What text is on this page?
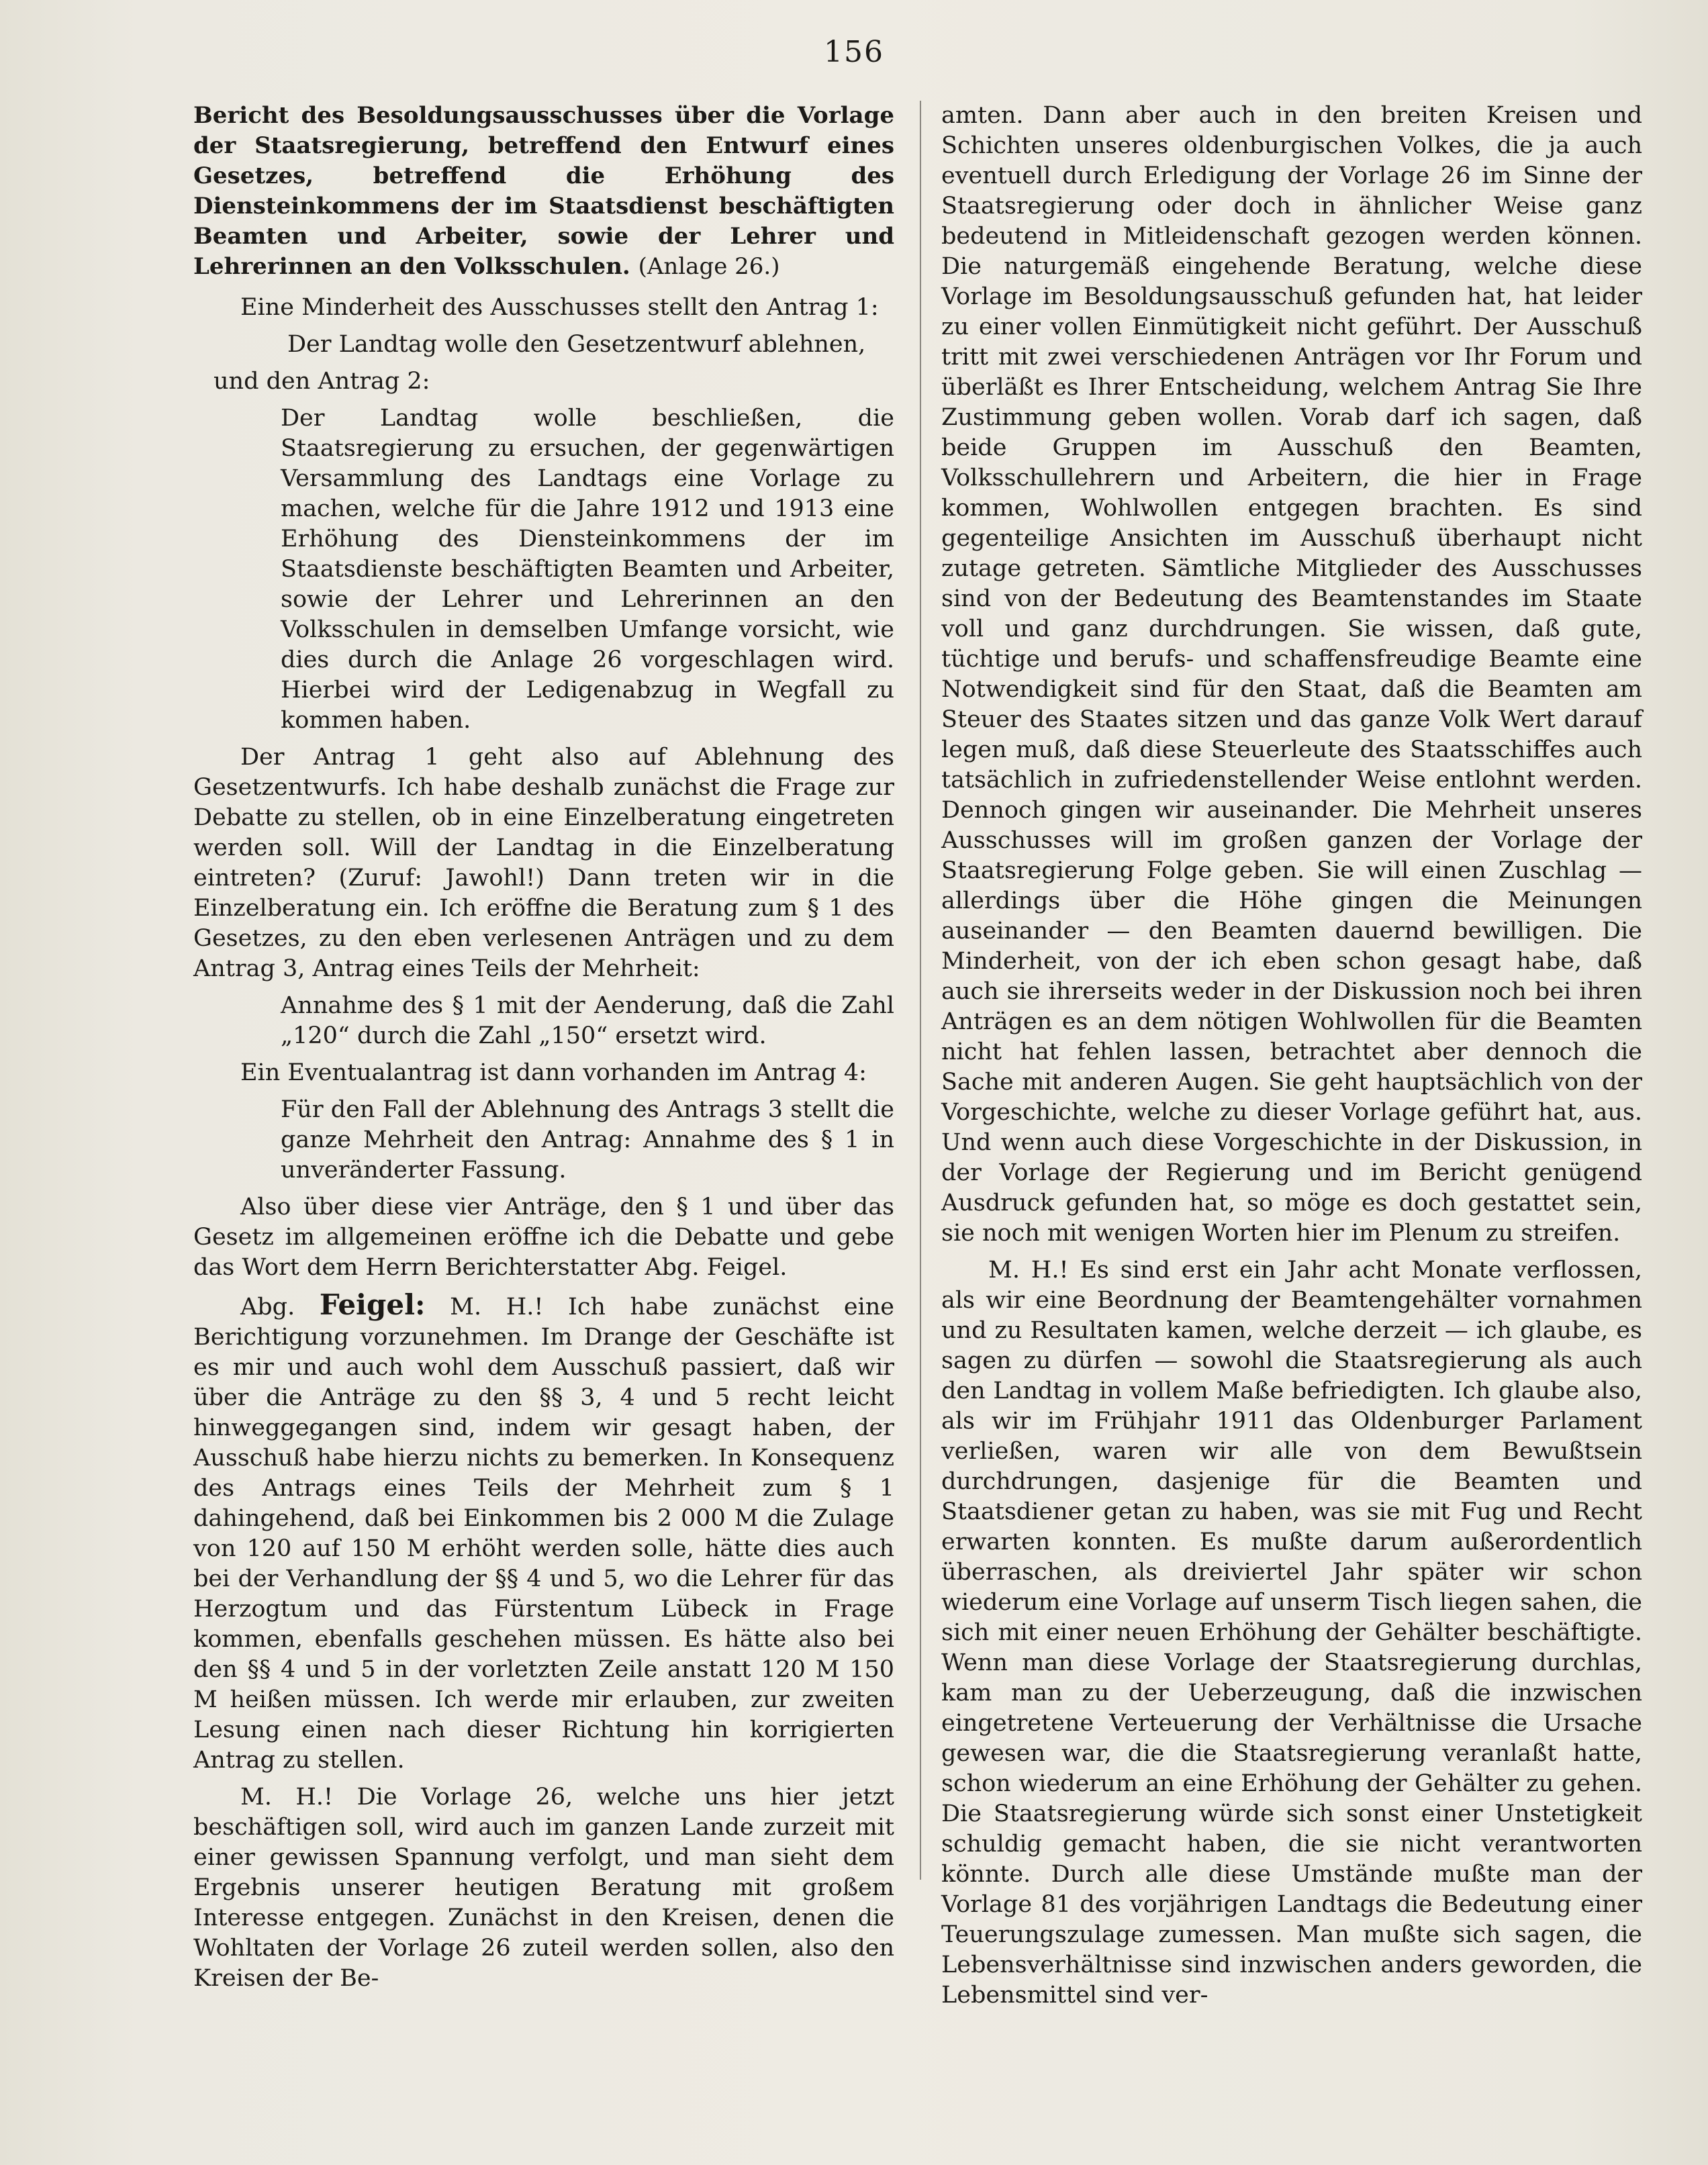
156

Bericht des Besoldungsausschusses über die Vorlage der Staatsregierung, betreffend den Entwurf eines Gesetzes, betreffend die Erhöhung des Diensteinkommens der im Staatsdienst beschäftigten Beamten und Arbeiter, sowie der Lehrer und Lehrerinnen an den Volksschulen. (Anlage 26.)

Eine Minderheit des Ausschusses stellt den Antrag 1:

Der Landtag wolle den Gesetzentwurf ablehnen,

und den Antrag 2:

Der Landtag wolle beschließen, die Staatsregierung zu ersuchen, der gegenwärtigen Versammlung des Landtags eine Vorlage zu machen, welche für die Jahre 1912 und 1913 eine Erhöhung des Diensteinkommens der im Staatsdienste beschäftigten Beamten und Arbeiter, sowie der Lehrer und Lehrerinnen an den Volksschulen in demselben Umfange vorsicht, wie dies durch die Anlage 26 vorgeschlagen wird. Hierbei wird der Ledigenabzug in Wegfall zu kommen haben.

Der Antrag 1 geht also auf Ablehnung des Gesetzentwurfs. Ich habe deshalb zunächst die Frage zur Debatte zu stellen, ob in eine Einzelberatung eingetreten werden soll. Will der Landtag in die Einzelberatung eintreten? (Zuruf: Jawohl!) Dann treten wir in die Einzelberatung ein. Ich eröffne die Beratung zum § 1 des Gesetzes, zu den eben verlesenen Anträgen und zu dem Antrag 3, Antrag eines Teils der Mehrheit:

Annahme des § 1 mit der Aenderung, daß die Zahl „120“ durch die Zahl „150“ ersetzt wird.

Ein Eventualantrag ist dann vorhanden im Antrag 4:

Für den Fall der Ablehnung des Antrags 3 stellt die ganze Mehrheit den Antrag: Annahme des § 1 in unveränderter Fassung.

Also über diese vier Anträge, den § 1 und über das Gesetz im allgemeinen eröffne ich die Debatte und gebe das Wort dem Herrn Berichterstatter Abg. Feigel.

Abg. Feigel: M. H.! Ich habe zunächst eine Berichtigung vorzunehmen. Im Drange der Geschäfte ist es mir und auch wohl dem Ausschuß passiert, daß wir über die Anträge zu den §§ 3, 4 und 5 recht leicht hinweggegangen sind, indem wir gesagt haben, der Ausschuß habe hierzu nichts zu bemerken. In Konsequenz des Antrags eines Teils der Mehrheit zum § 1 dahingehend, daß bei Einkommen bis 2 000 M die Zulage von 120 auf 150 M erhöht werden solle, hätte dies auch bei der Verhandlung der §§ 4 und 5, wo die Lehrer für das Herzogtum und das Fürstentum Lübeck in Frage kommen, ebenfalls geschehen müssen. Es hätte also bei den §§ 4 und 5 in der vorletzten Zeile anstatt 120 M 150 M heißen müssen. Ich werde mir erlauben, zur zweiten Lesung einen nach dieser Richtung hin korrigierten Antrag zu stellen.

M. H.! Die Vorlage 26, welche uns hier jetzt beschäftigen soll, wird auch im ganzen Lande zurzeit mit einer gewissen Spannung verfolgt, und man sieht dem Ergebnis unserer heutigen Beratung mit großem Interesse entgegen. Zunächst in den Kreisen, denen die Wohltaten der Vorlage 26 zuteil werden sollen, also den Kreisen der Be-

amten. Dann aber auch in den breiten Kreisen und Schichten unseres oldenburgischen Volkes, die ja auch eventuell durch Erledigung der Vorlage 26 im Sinne der Staatsregierung oder doch in ähnlicher Weise ganz bedeutend in Mitleidenschaft gezogen werden können. Die naturgemäß eingehende Beratung, welche diese Vorlage im Besoldungsausschuß gefunden hat, hat leider zu einer vollen Einmütigkeit nicht geführt. Der Ausschuß tritt mit zwei verschiedenen Anträgen vor Ihr Forum und überläßt es Ihrer Entscheidung, welchem Antrag Sie Ihre Zustimmung geben wollen. Vorab darf ich sagen, daß beide Gruppen im Ausschuß den Beamten, Volksschullehrern und Arbeitern, die hier in Frage kommen, Wohlwollen entgegen brachten. Es sind gegenteilige Ansichten im Ausschuß überhaupt nicht zutage getreten. Sämtliche Mitglieder des Ausschusses sind von der Bedeutung des Beamtenstandes im Staate voll und ganz durchdrungen. Sie wissen, daß gute, tüchtige und berufs- und schaffensfreudige Beamte eine Notwendigkeit sind für den Staat, daß die Beamten am Steuer des Staates sitzen und das ganze Volk Wert darauf legen muß, daß diese Steuerleute des Staatsschiffes auch tatsächlich in zufriedenstellender Weise entlohnt werden. Dennoch gingen wir auseinander. Die Mehrheit unseres Ausschusses will im großen ganzen der Vorlage der Staatsregierung Folge geben. Sie will einen Zuschlag — allerdings über die Höhe gingen die Meinungen auseinander — den Beamten dauernd bewilligen. Die Minderheit, von der ich eben schon gesagt habe, daß auch sie ihrerseits weder in der Diskussion noch bei ihren Anträgen es an dem nötigen Wohlwollen für die Beamten nicht hat fehlen lassen, betrachtet aber dennoch die Sache mit anderen Augen. Sie geht hauptsächlich von der Vorgeschichte, welche zu dieser Vorlage geführt hat, aus. Und wenn auch diese Vorgeschichte in der Diskussion, in der Vorlage der Regierung und im Bericht genügend Ausdruck gefunden hat, so möge es doch gestattet sein, sie noch mit wenigen Worten hier im Plenum zu streifen.

M. H.! Es sind erst ein Jahr acht Monate verflossen, als wir eine Beordnung der Beamtengehälter vornahmen und zu Resultaten kamen, welche derzeit — ich glaube, es sagen zu dürfen — sowohl die Staatsregierung als auch den Landtag in vollem Maße befriedigten. Ich glaube also, als wir im Frühjahr 1911 das Oldenburger Parlament verließen, waren wir alle von dem Bewußtsein durchdrungen, dasjenige für die Beamten und Staatsdiener getan zu haben, was sie mit Fug und Recht erwarten konnten. Es mußte darum außerordentlich überraschen, als dreiviertel Jahr später wir schon wiederum eine Vorlage auf unserm Tisch liegen sahen, die sich mit einer neuen Erhöhung der Gehälter beschäftigte. Wenn man diese Vorlage der Staatsregierung durchlas, kam man zu der Ueberzeugung, daß die inzwischen eingetretene Verteuerung der Verhältnisse die Ursache gewesen war, die die Staatsregierung veranlaßt hatte, schon wiederum an eine Erhöhung der Gehälter zu gehen. Die Staatsregierung würde sich sonst einer Unstetigkeit schuldig gemacht haben, die sie nicht verantworten könnte. Durch alle diese Umstände mußte man der Vorlage 81 des vorjährigen Landtags die Bedeutung einer Teuerungszulage zumessen. Man mußte sich sagen, die Lebensverhältnisse sind inzwischen anders geworden, die Lebensmittel sind ver-
